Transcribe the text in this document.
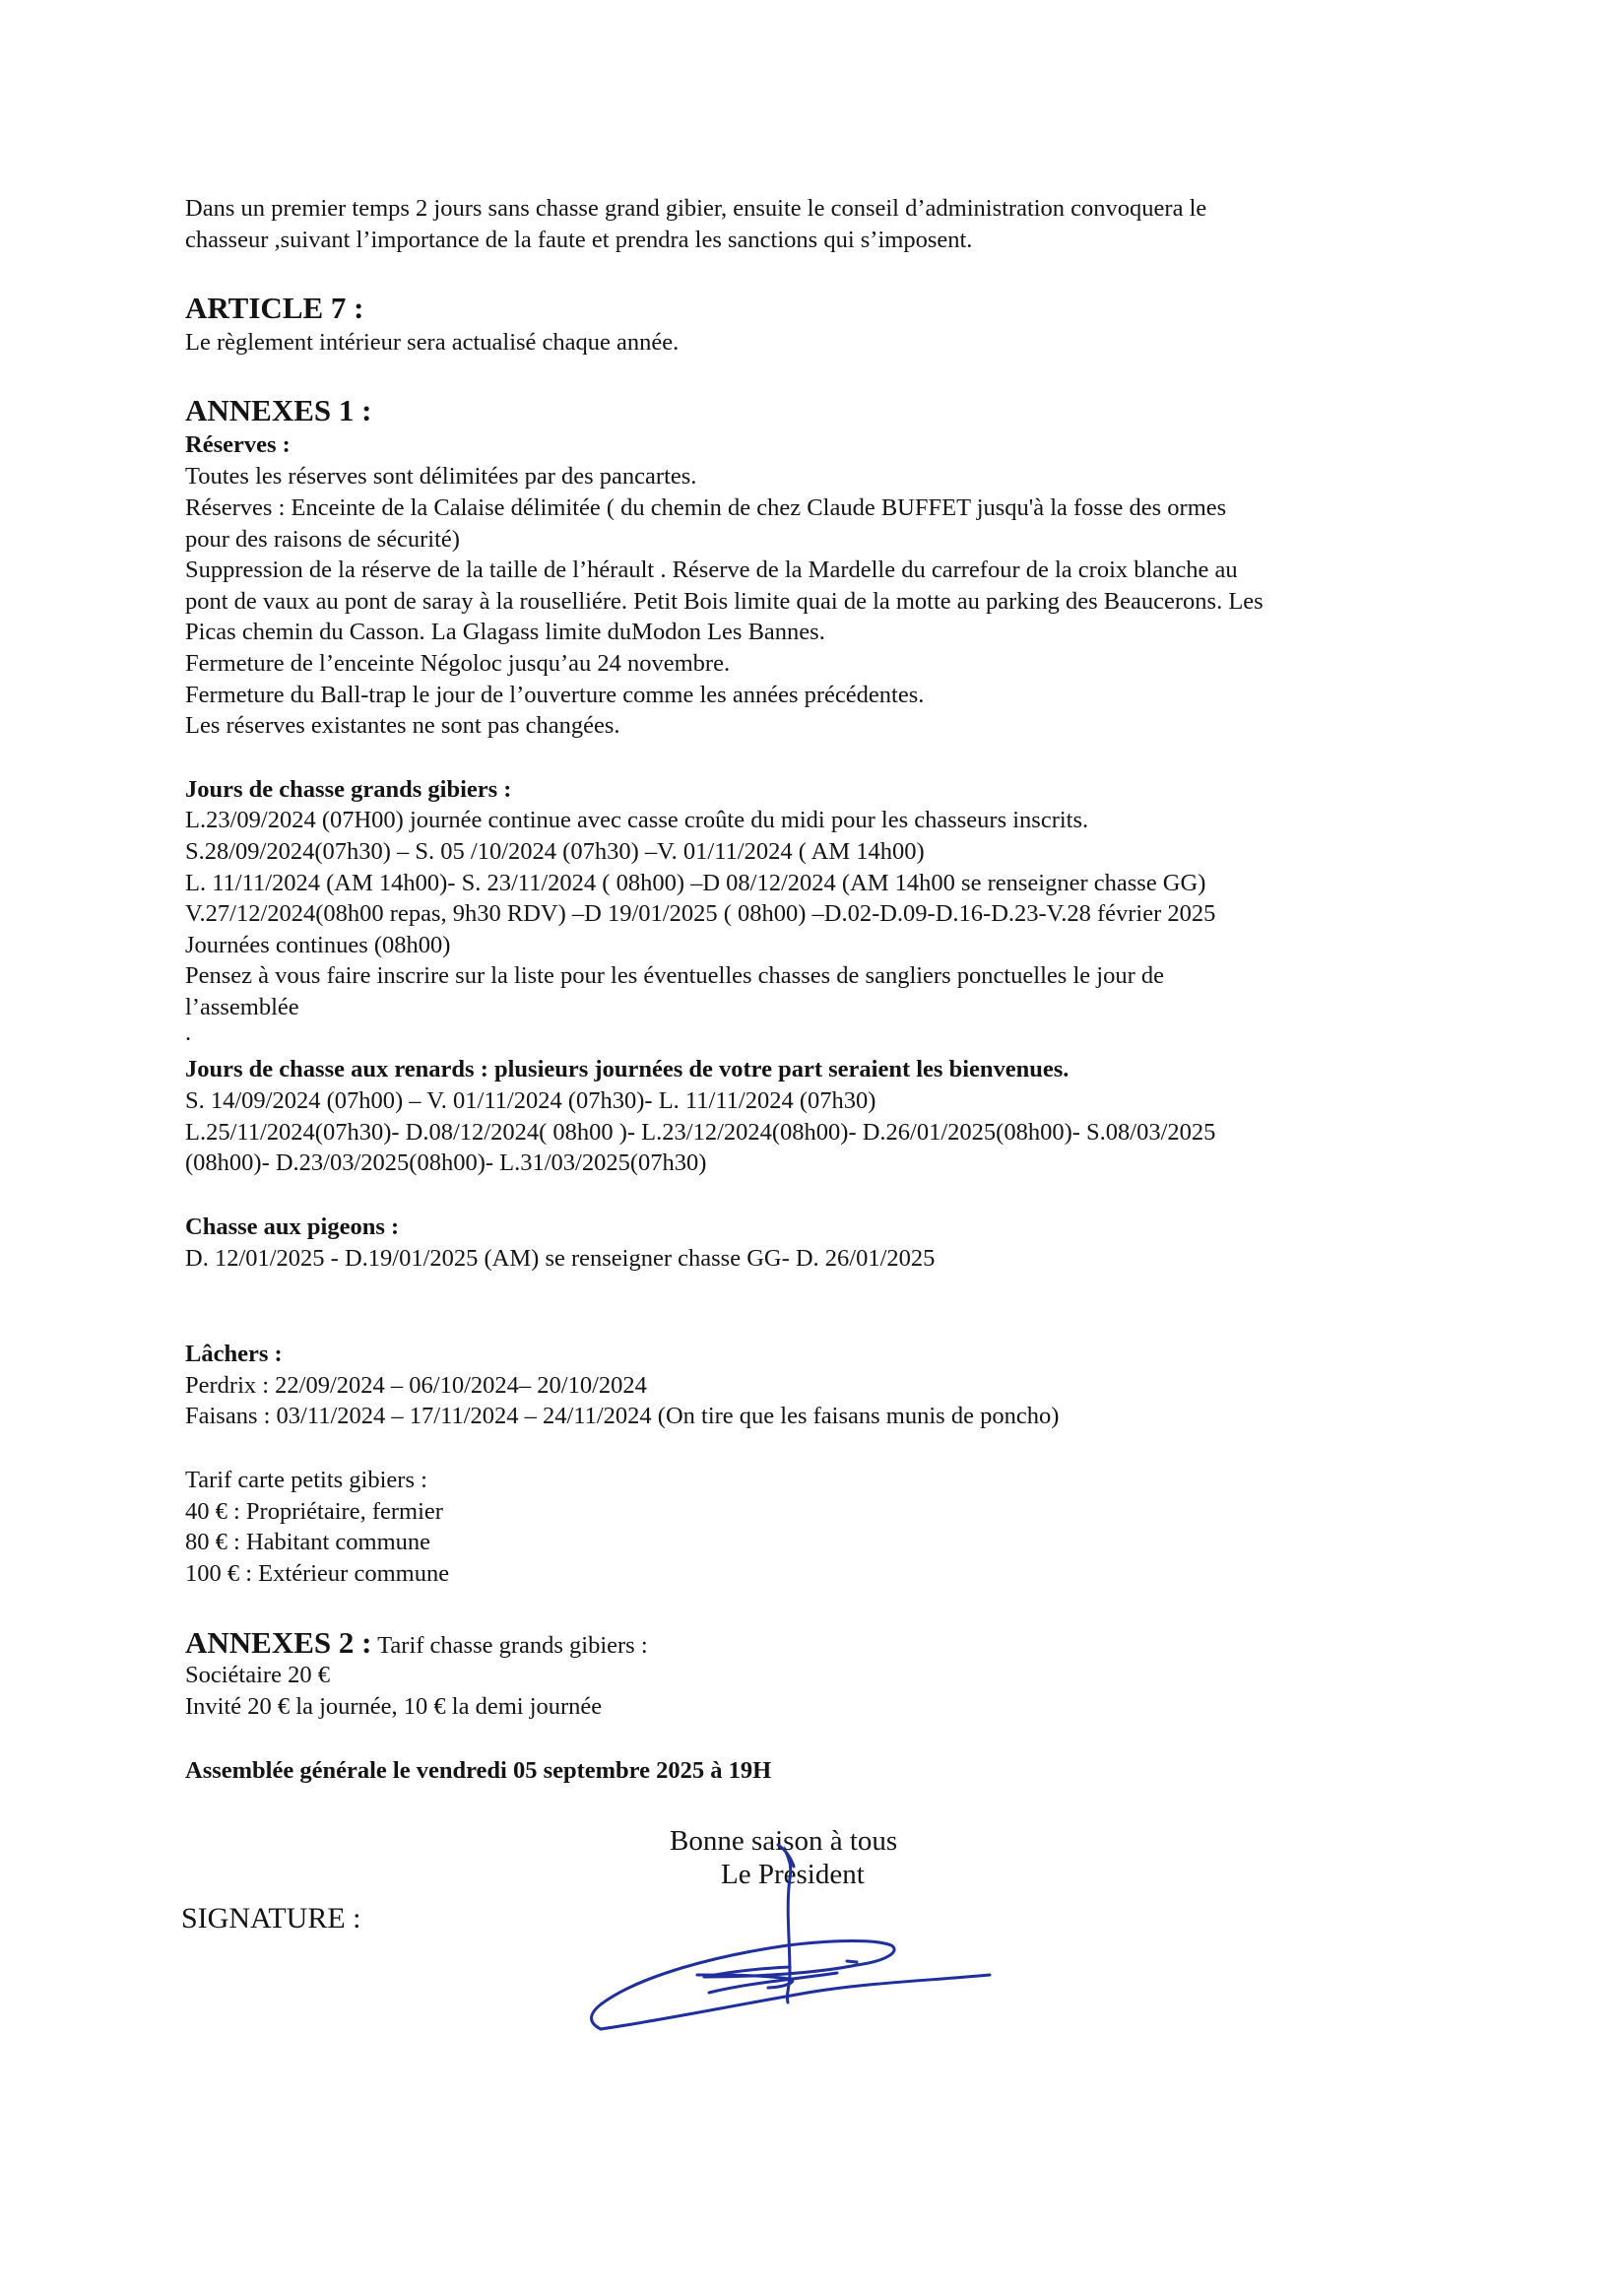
Dans un premier temps 2 jours sans chasse grand gibier, ensuite le conseil d’administration convoquera le
chasseur ,suivant l’importance de la faute et prendra les sanctions qui s’imposent.
ARTICLE 7 :
Le règlement intérieur sera actualisé chaque année.
ANNEXES 1 :
Réserves :
Toutes les réserves sont délimitées par des pancartes.
Réserves : Enceinte de la Calaise délimitée ( du chemin de chez Claude BUFFET jusqu'à la fosse des ormes
pour des raisons de sécurité)
Suppression de la réserve de la taille de l’hérault . Réserve de la Mardelle du carrefour de la croix blanche au
pont de vaux au pont de saray à la rouselliére. Petit Bois limite quai de la motte au parking des Beaucerons. Les
Picas chemin du Casson. La Glagass limite duModon Les Bannes.
Fermeture de l’enceinte Négoloc jusqu’au 24 novembre.
Fermeture du Ball-trap le jour de l’ouverture comme les années précédentes.
Les réserves existantes ne sont pas changées.
Jours de chasse grands gibiers :
L.23/09/2024 (07H00) journée continue avec casse croûte du midi pour les chasseurs inscrits.
S.28/09/2024(07h30) – S. 05 /10/2024 (07h30) –V. 01/11/2024 ( AM 14h00)
L. 11/11/2024 (AM 14h00)- S. 23/11/2024 ( 08h00) –D 08/12/2024 (AM 14h00 se renseigner chasse GG)
V.27/12/2024(08h00 repas, 9h30 RDV) –D 19/01/2025 ( 08h00) –D.02-D.09-D.16-D.23-V.28 février 2025
Journées continues (08h00)
Pensez à vous faire inscrire sur la liste pour les éventuelles chasses de sangliers ponctuelles le jour de
l’assemblée
.
Jours de chasse aux renards : plusieurs journées de votre part seraient les bienvenues.
S. 14/09/2024 (07h00) – V. 01/11/2024 (07h30)- L. 11/11/2024 (07h30)
L.25/11/2024(07h30)- D.08/12/2024( 08h00 )- L.23/12/2024(08h00)- D.26/01/2025(08h00)- S.08/03/2025
(08h00)- D.23/03/2025(08h00)- L.31/03/2025(07h30)
Chasse aux pigeons :
D. 12/01/2025 - D.19/01/2025 (AM) se renseigner chasse GG- D. 26/01/2025
Lâchers :
Perdrix : 22/09/2024 – 06/10/2024– 20/10/2024
Faisans : 03/11/2024 – 17/11/2024 – 24/11/2024 (On tire que les faisans munis de poncho)
Tarif carte petits gibiers :
40 € : Propriétaire, fermier
80 € : Habitant commune
100 € : Extérieur commune
ANNEXES 2 : Tarif chasse grands gibiers :
Sociétaire 20 €
Invité 20 € la journée, 10 € la demi journée
Assemblée générale le vendredi 05 septembre 2025 à 19H
Bonne saison à tous
Le Président
SIGNATURE :
